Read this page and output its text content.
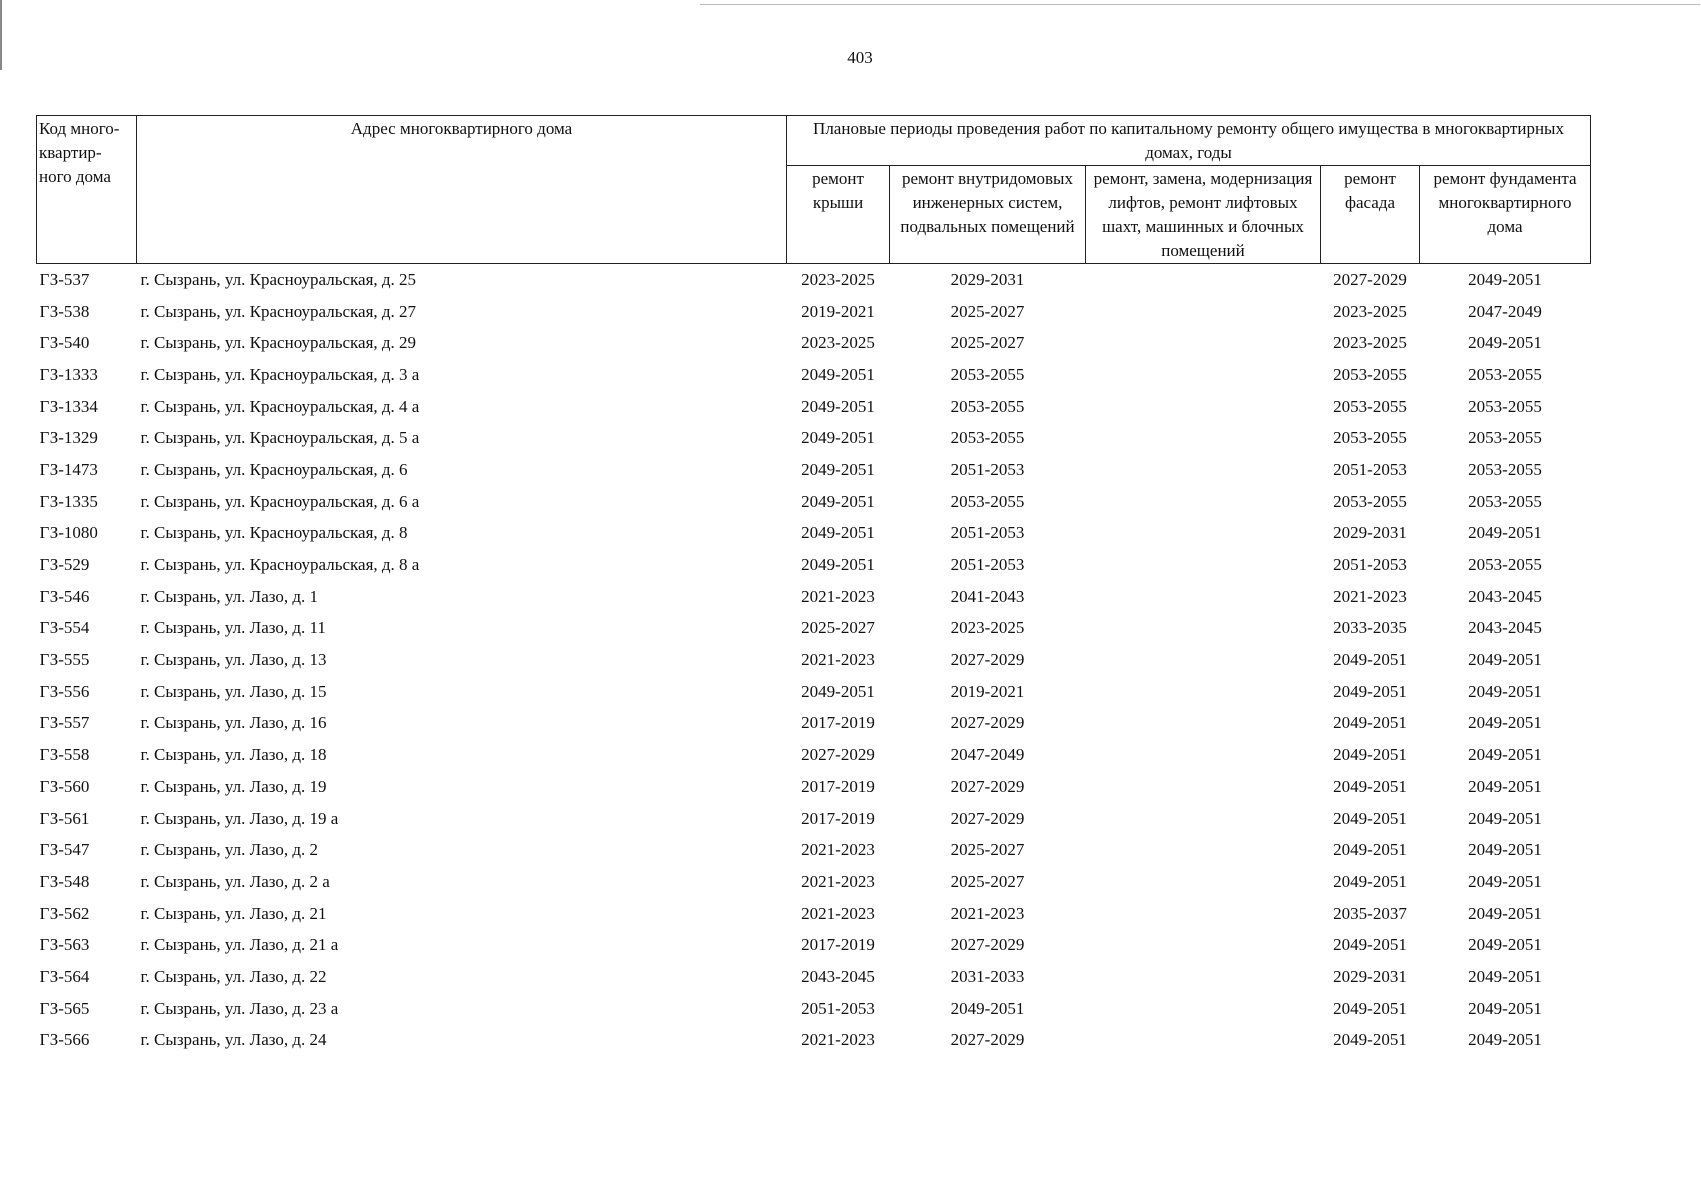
403
Код много-квартир-ного дома	Адрес многоквартирного дома	Плановые периоды проведения работ по капитальному ремонту общего имущества в многоквартирных домах, годы				
		ремонт крыши	ремонт внутридомовых инженерных систем, подвальных помещений	ремонт, замена, модернизация лифтов, ремонт лифтовых шахт, машинных и блочных помещений	ремонт фасада	ремонт фундамента многоквартирного дома
ГЗ-537	г. Сызрань, ул. Красноуральская, д. 25	2023-2025	2029-2031		2027-2029	2049-2051
ГЗ-538	г. Сызрань, ул. Красноуральская, д. 27	2019-2021	2025-2027		2023-2025	2047-2049
ГЗ-540	г. Сызрань, ул. Красноуральская, д. 29	2023-2025	2025-2027		2023-2025	2049-2051
ГЗ-1333	г. Сызрань, ул. Красноуральская, д. 3 а	2049-2051	2053-2055		2053-2055	2053-2055
ГЗ-1334	г. Сызрань, ул. Красноуральская, д. 4 а	2049-2051	2053-2055		2053-2055	2053-2055
ГЗ-1329	г. Сызрань, ул. Красноуральская, д. 5 а	2049-2051	2053-2055		2053-2055	2053-2055
ГЗ-1473	г. Сызрань, ул. Красноуральская, д. 6	2049-2051	2051-2053		2051-2053	2053-2055
ГЗ-1335	г. Сызрань, ул. Красноуральская, д. 6 а	2049-2051	2053-2055		2053-2055	2053-2055
ГЗ-1080	г. Сызрань, ул. Красноуральская, д. 8	2049-2051	2051-2053		2029-2031	2049-2051
ГЗ-529	г. Сызрань, ул. Красноуральская, д. 8 а	2049-2051	2051-2053		2051-2053	2053-2055
ГЗ-546	г. Сызрань, ул. Лазо, д. 1	2021-2023	2041-2043		2021-2023	2043-2045
ГЗ-554	г. Сызрань, ул. Лазо, д. 11	2025-2027	2023-2025		2033-2035	2043-2045
ГЗ-555	г. Сызрань, ул. Лазо, д. 13	2021-2023	2027-2029		2049-2051	2049-2051
ГЗ-556	г. Сызрань, ул. Лазо, д. 15	2049-2051	2019-2021		2049-2051	2049-2051
ГЗ-557	г. Сызрань, ул. Лазо, д. 16	2017-2019	2027-2029		2049-2051	2049-2051
ГЗ-558	г. Сызрань, ул. Лазо, д. 18	2027-2029	2047-2049		2049-2051	2049-2051
ГЗ-560	г. Сызрань, ул. Лазо, д. 19	2017-2019	2027-2029		2049-2051	2049-2051
ГЗ-561	г. Сызрань, ул. Лазо, д. 19 а	2017-2019	2027-2029		2049-2051	2049-2051
ГЗ-547	г. Сызрань, ул. Лазо, д. 2	2021-2023	2025-2027		2049-2051	2049-2051
ГЗ-548	г. Сызрань, ул. Лазо, д. 2 а	2021-2023	2025-2027		2049-2051	2049-2051
ГЗ-562	г. Сызрань, ул. Лазо, д. 21	2021-2023	2021-2023		2035-2037	2049-2051
ГЗ-563	г. Сызрань, ул. Лазо, д. 21 а	2017-2019	2027-2029		2049-2051	2049-2051
ГЗ-564	г. Сызрань, ул. Лазо, д. 22	2043-2045	2031-2033		2029-2031	2049-2051
ГЗ-565	г. Сызрань, ул. Лазо, д. 23 а	2051-2053	2049-2051		2049-2051	2049-2051
ГЗ-566	г. Сызрань, ул. Лазо, д. 24	2021-2023	2027-2029		2049-2051	2049-2051
